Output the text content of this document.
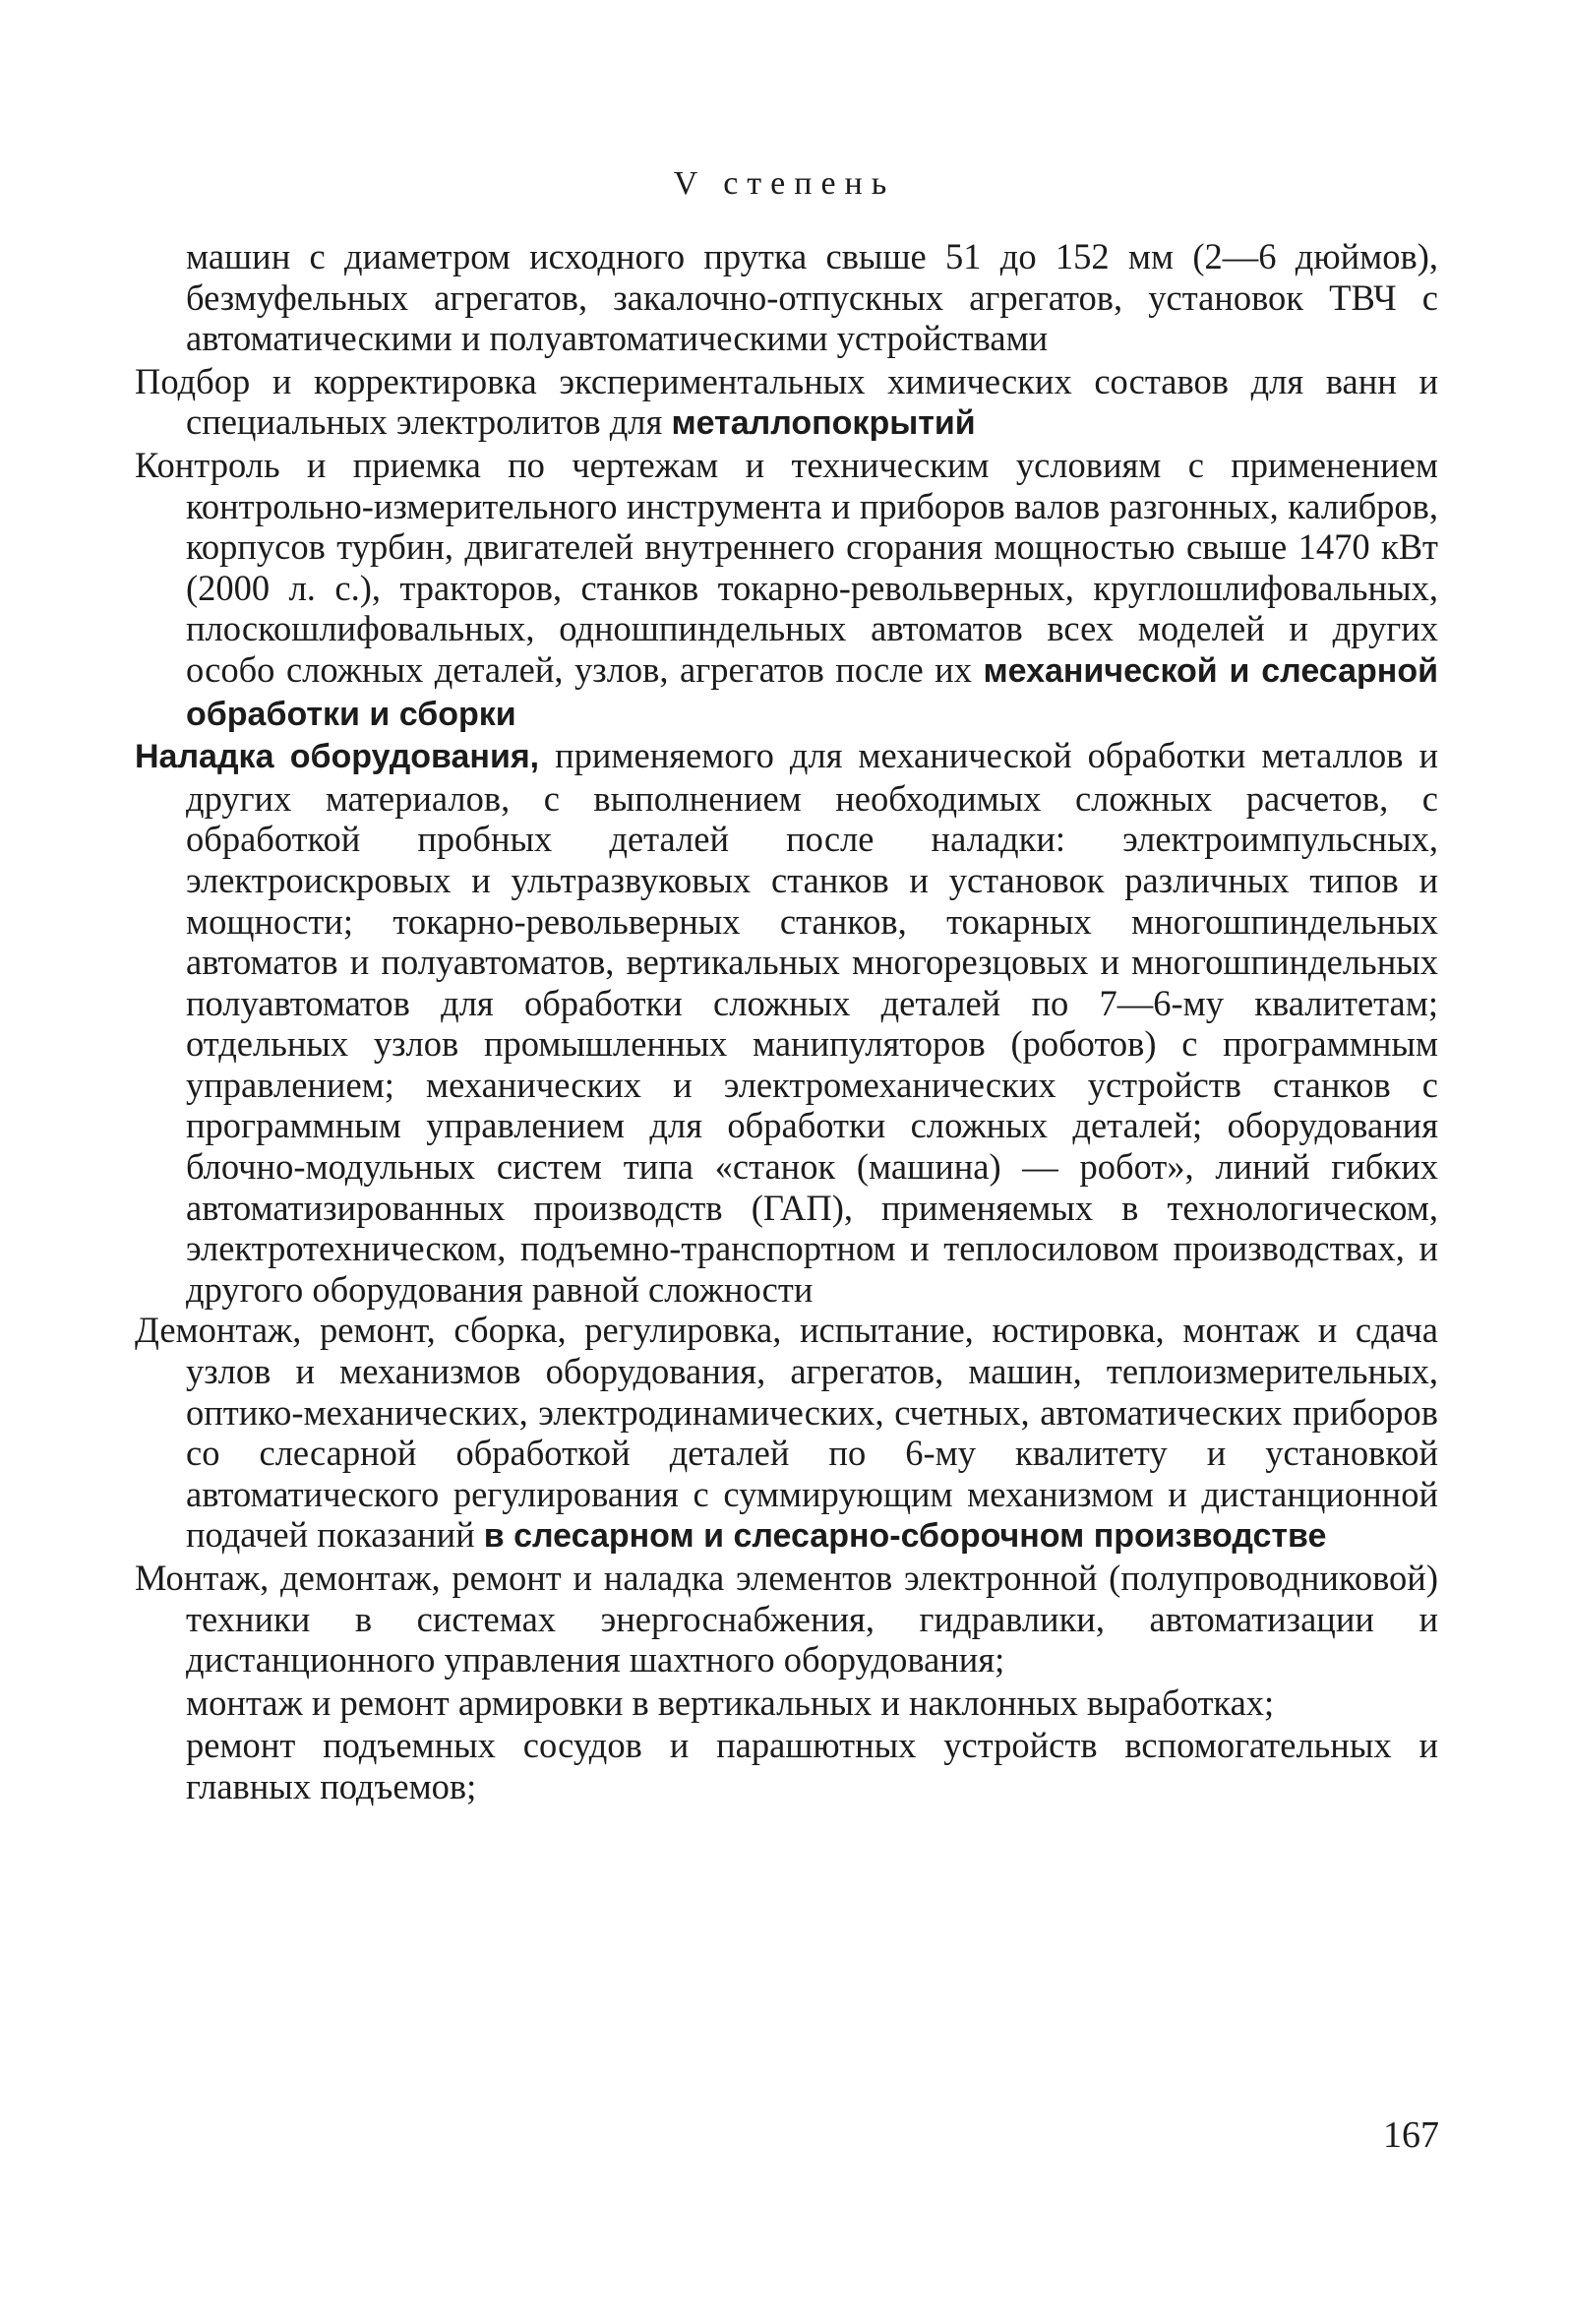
V степень

машин с диаметром исходного прутка свыше 51 до 152 мм (2—6 дюймов), безмуфельных агрегатов, закалочно-отпускных агрегатов, установок ТВЧ с автоматическими и полуавтоматическими устройствами

Подбор и корректировка экспериментальных химических составов для ванн и специальных электролитов для металлопокрытий

Контроль и приемка по чертежам и техническим условиям с применением контрольно-измерительного инструмента и приборов валов разгонных, калибров, корпусов турбин, двигателей внутреннего сгорания мощностью свыше 1470 кВт (2000 л. с.), тракторов, станков токарно-револьверных, круглошлифовальных, плоскошлифовальных, одношпиндельных автоматов всех моделей и других особо сложных деталей, узлов, агрегатов после их механической и слесарной обработки и сборки

Наладка оборудования, применяемого для механической обработки металлов и других материалов, с выполнением необходимых сложных расчетов, с обработкой пробных деталей после наладки: электроимпульсных, электроискровых и ультразвуковых станков и установок различных типов и мощности; токарно-револьверных станков, токарных многошпиндельных автоматов и полуавтоматов, вертикальных многорезцовых и многошпиндельных полуавтоматов для обработки сложных деталей по 7—6-му квалитетам; отдельных узлов промышленных манипуляторов (роботов) с программным управлением; механических и электромеханических устройств станков с программным управлением для обработки сложных деталей; оборудования блочно-модульных систем типа «станок (машина) — робот», линий гибких автоматизированных производств (ГАП), применяемых в технологическом, электротехническом, подъемно-транспортном и теплосиловом производствах, и другого оборудования равной сложности

Демонтаж, ремонт, сборка, регулировка, испытание, юстировка, монтаж и сдача узлов и механизмов оборудования, агрегатов, машин, теплоизмерительных, оптико-механических, электродинамических, счетных, автоматических приборов со слесарной обработкой деталей по 6-му квалитету и установкой автоматического регулирования с суммирующим механизмом и дистанционной подачей показаний в слесарном и слесарно-сборочном производстве

Монтаж, демонтаж, ремонт и наладка элементов электронной (полупроводниковой) техники в системах энергоснабжения, гидравлики, автоматизации и дистанционного управления шахтного оборудования;

монтаж и ремонт армировки в вертикальных и наклонных выработках;

ремонт подъемных сосудов и парашютных устройств вспомогательных и главных подъемов;

167
